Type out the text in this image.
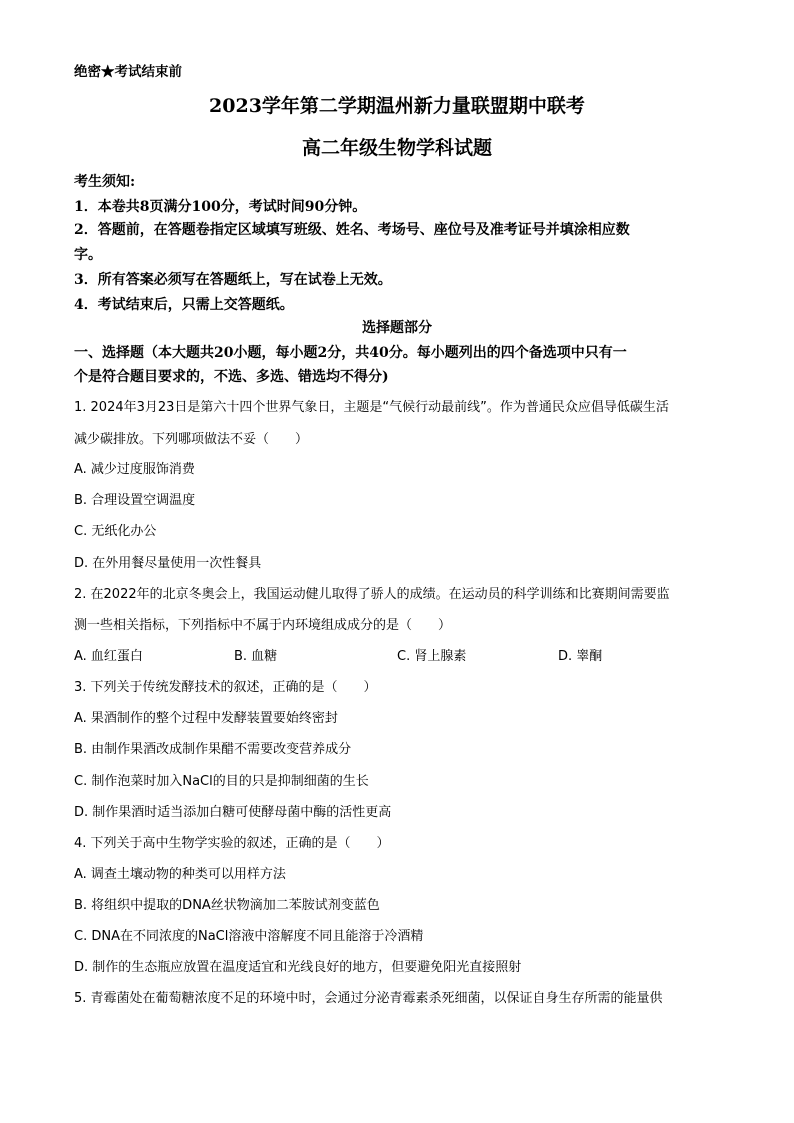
绝密★考试结束前
2023学年第二学期温州新力量联盟期中联考
高二年级生物学科试题
考生须知:
1．本卷共8页满分100分，考试时间90分钟。
2．答题前，在答题卷指定区域填写班级、姓名、考场号、座位号及准考证号并填涂相应数
字。
3．所有答案必须写在答题纸上，写在试卷上无效。
4．考试结束后，只需上交答题纸。
选择题部分
一、选择题（本大题共20小题，每小题2分，共40分。每小题列出的四个备选项中只有一
个是符合题目要求的，不选、多选、错选均不得分)
1. 2024年3月23日是第六十四个世界气象日，主题是“气候行动最前线”。作为普通民众应倡导低碳生活
减少碳排放。下列哪项做法不妥（　　）
A. 减少过度服饰消费
B. 合理设置空调温度
C. 无纸化办公
D. 在外用餐尽量使用一次性餐具
2. 在2022年的北京冬奥会上，我国运动健儿取得了骄人的成绩。在运动员的科学训练和比赛期间需要监
测一些相关指标，下列指标中不属于内环境组成成分的是（　　）
A. 血红蛋白	B. 血糖	C. 肾上腺素	D. 睾酮
3. 下列关于传统发酵技术的叙述，正确的是（　　）
A. 果酒制作的整个过程中发酵装置要始终密封
B. 由制作果酒改成制作果醋不需要改变营养成分
C. 制作泡菜时加入NaCl的目的只是抑制细菌的生长
D. 制作果酒时适当添加白糖可使酵母菌中酶的活性更高
4. 下列关于高中生物学实验的叙述，正确的是（　　）
A. 调查土壤动物的种类可以用样方法
B. 将组织中提取的DNA丝状物滴加二苯胺试剂变蓝色
C. DNA在不同浓度的NaCl溶液中溶解度不同且能溶于冷酒精
D. 制作的生态瓶应放置在温度适宜和光线良好的地方，但要避免阳光直接照射
5. 青霉菌处在葡萄糖浓度不足的环境中时，会通过分泌青霉素杀死细菌，以保证自身生存所需的能量供
